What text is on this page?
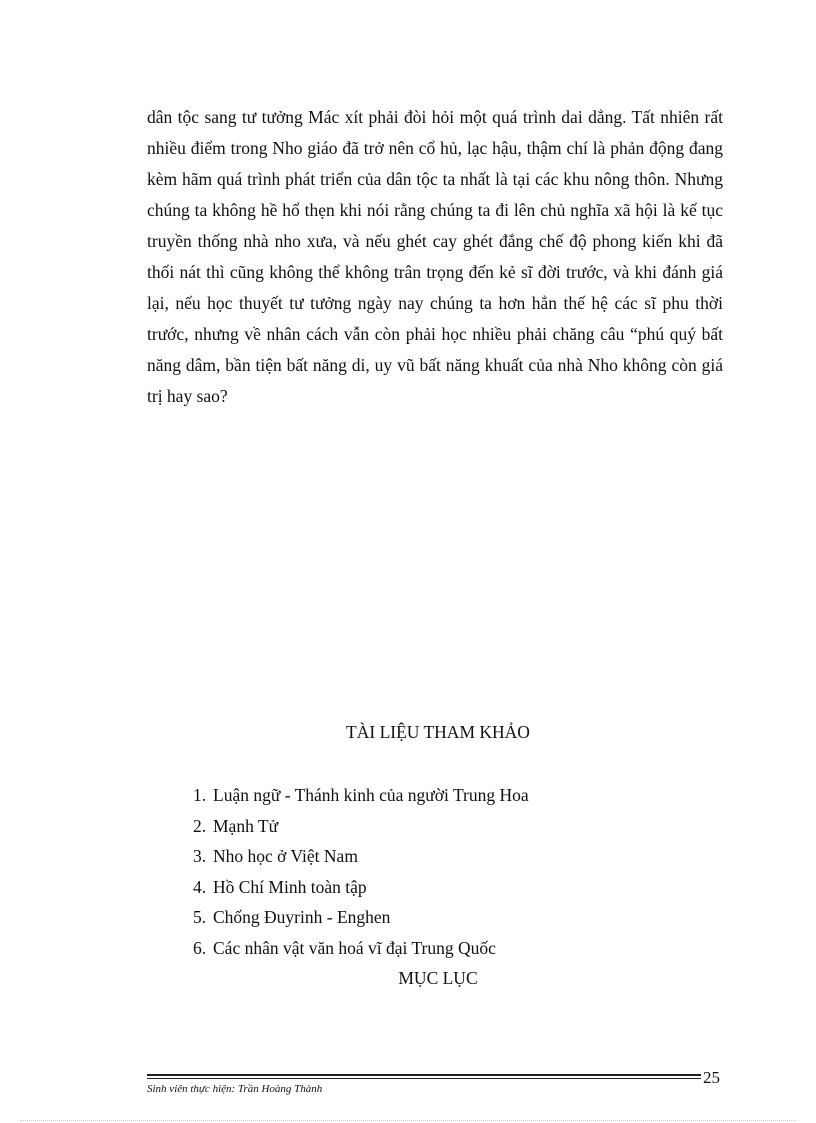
dân tộc sang tư tưởng Mác xít phải đòi hỏi một quá trình dai dẳng. Tất nhiên rất nhiều điểm trong Nho giáo đã trở nên cổ hủ, lạc hậu, thậm chí là phản động đang kèm hãm quá trình phát triển của dân tộc ta nhất là tại các khu nông thôn. Nhưng chúng ta không hề hổ thẹn khi nói rằng chúng ta đi lên chủ nghĩa xã hội là kế tục truyền thống nhà nho xưa, và nếu ghét cay ghét đắng chế độ phong kiến khi đã thối nát thì cũng không thể không trân trọng đến kẻ sĩ đời trước, và khi đánh giá lại, nếu học thuyết tư tưởng ngày nay chúng ta hơn hẳn thế hệ các sĩ phu thời trước, nhưng về nhân cách vẫn còn phải học nhiều phải chăng câu “phú quý bất năng dâm, bần tiện bất năng di, uy vũ bất năng khuất của nhà Nho không còn giá trị hay sao?

TÀI LIỆU THAM KHẢO
1. Luận ngữ - Thánh kinh của người Trung Hoa
2. Mạnh Tử
3. Nho học ở Việt Nam
4. Hồ Chí Minh toàn tập
5. Chống Đuyrinh - Enghen
6. Các nhân vật văn hoá vĩ đại Trung Quốc
MỤC LỤC
25
Sinh viên thực hiện: Trần Hoàng Thành
